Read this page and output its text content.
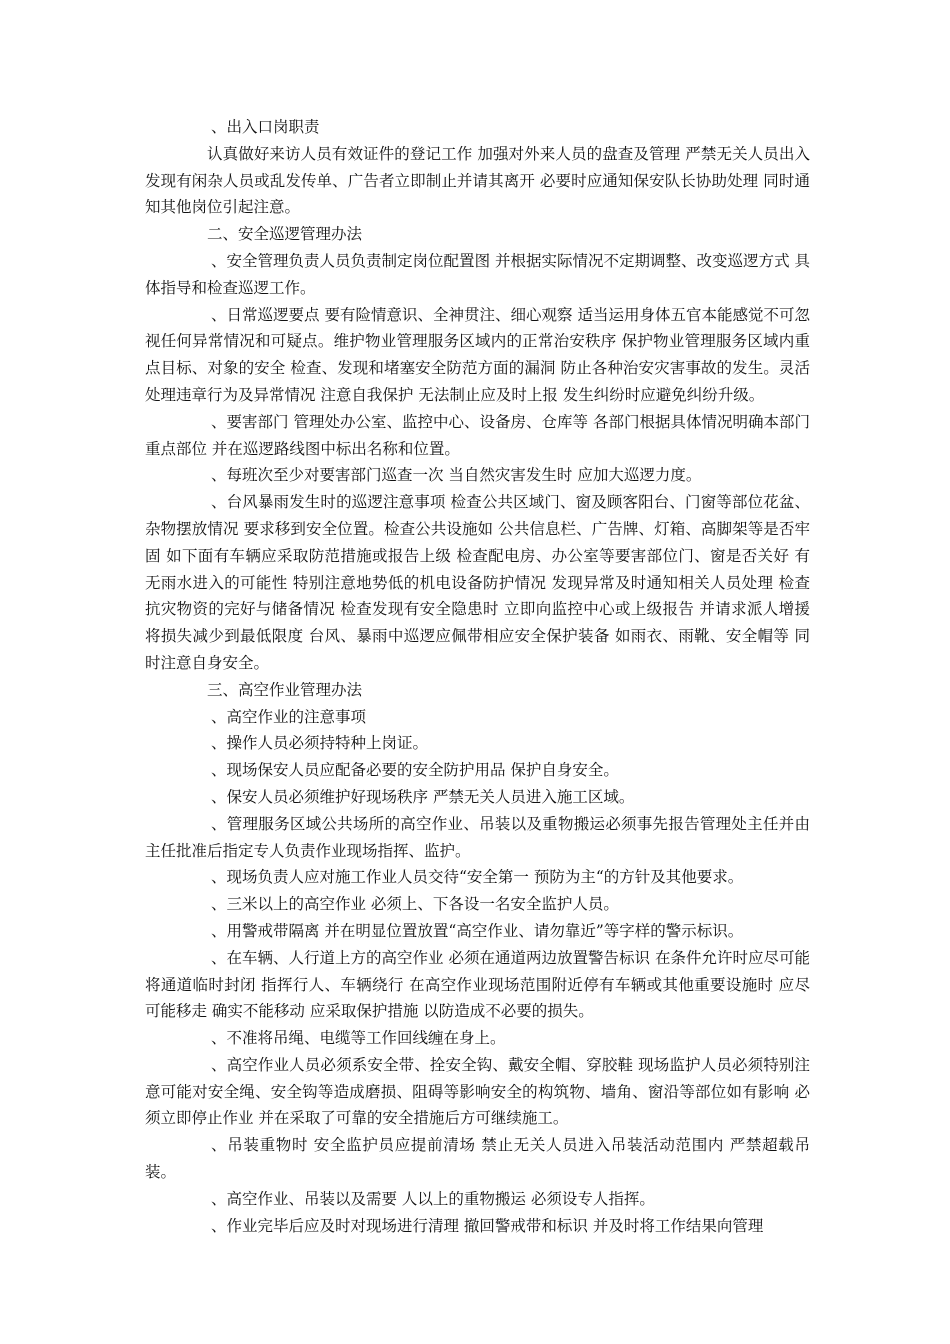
、出入口岗职责

认真做好来访人员有效证件的登记工作 加强对外来人员的盘查及管理 严禁无关人员出入 发现有闲杂人员或乱发传单、广告者立即制止并请其离开 必要时应通知保安队长协助处理 同时通知其他岗位引起注意。

二、安全巡逻管理办法

、安全管理负责人员负责制定岗位配置图 并根据实际情况不定期调整、改变巡逻方式 具体指导和检查巡逻工作。

、日常巡逻要点 要有险情意识、全神贯注、细心观察 适当运用身体五官本能感觉不可忽视任何异常情况和可疑点。维护物业管理服务区域内的正常治安秩序 保护物业管理服务区域内重点目标、对象的安全 检查、发现和堵塞安全防范方面的漏洞 防止各种治安灾害事故的发生。灵活处理违章行为及异常情况 注意自我保护 无法制止应及时上报 发生纠纷时应避免纠纷升级。

、要害部门 管理处办公室、监控中心、设备房、仓库等 各部门根据具体情况明确本部门重点部位 并在巡逻路线图中标出名称和位置。

、每班次至少对要害部门巡查一次 当自然灾害发生时 应加大巡逻力度。

、台风暴雨发生时的巡逻注意事项 检查公共区域门、窗及顾客阳台、门窗等部位花盆、杂物摆放情况 要求移到安全位置。检查公共设施如 公共信息栏、广告牌、灯箱、高脚架等是否牢固 如下面有车辆应采取防范措施或报告上级 检查配电房、办公室等要害部位门、窗是否关好 有无雨水进入的可能性 特别注意地势低的机电设备防护情况 发现异常及时通知相关人员处理 检查抗灾物资的完好与储备情况 检查发现有安全隐患时 立即向监控中心或上级报告 并请求派人增援 将损失减少到最低限度 台风、暴雨中巡逻应佩带相应安全保护装备 如雨衣、雨靴、安全帽等 同时注意自身安全。

三、高空作业管理办法

、高空作业的注意事项

、操作人员必须持特种上岗证。

、现场保安人员应配备必要的安全防护用品 保护自身安全。

、保安人员必须维护好现场秩序 严禁无关人员进入施工区域。

、管理服务区域公共场所的高空作业、吊装以及重物搬运必须事先报告管理处主任并由主任批准后指定专人负责作业现场指挥、监护。

、现场负责人应对施工作业人员交待“安全第一 预防为主“的方针及其他要求。

、三米以上的高空作业 必须上、下各设一名安全监护人员。

、用警戒带隔离 并在明显位置放置“高空作业、请勿靠近”等字样的警示标识。

、在车辆、人行道上方的高空作业 必须在通道两边放置警告标识 在条件允许时应尽可能将通道临时封闭 指挥行人、车辆绕行 在高空作业现场范围附近停有车辆或其他重要设施时 应尽可能移走 确实不能移动 应采取保护措施 以防造成不必要的损失。

、不准将吊绳、电缆等工作回线缠在身上。

、高空作业人员必须系安全带、拴安全钩、戴安全帽、穿胶鞋 现场监护人员必须特别注意可能对安全绳、安全钩等造成磨损、阻碍等影响安全的构筑物、墙角、窗沿等部位如有影响 必须立即停止作业 并在采取了可靠的安全措施后方可继续施工。

、吊装重物时 安全监护员应提前清场 禁止无关人员进入吊装活动范围内 严禁超载吊装。

、高空作业、吊装以及需要 人以上的重物搬运 必须设专人指挥。

、作业完毕后应及时对现场进行清理 撤回警戒带和标识 并及时将工作结果向管理
